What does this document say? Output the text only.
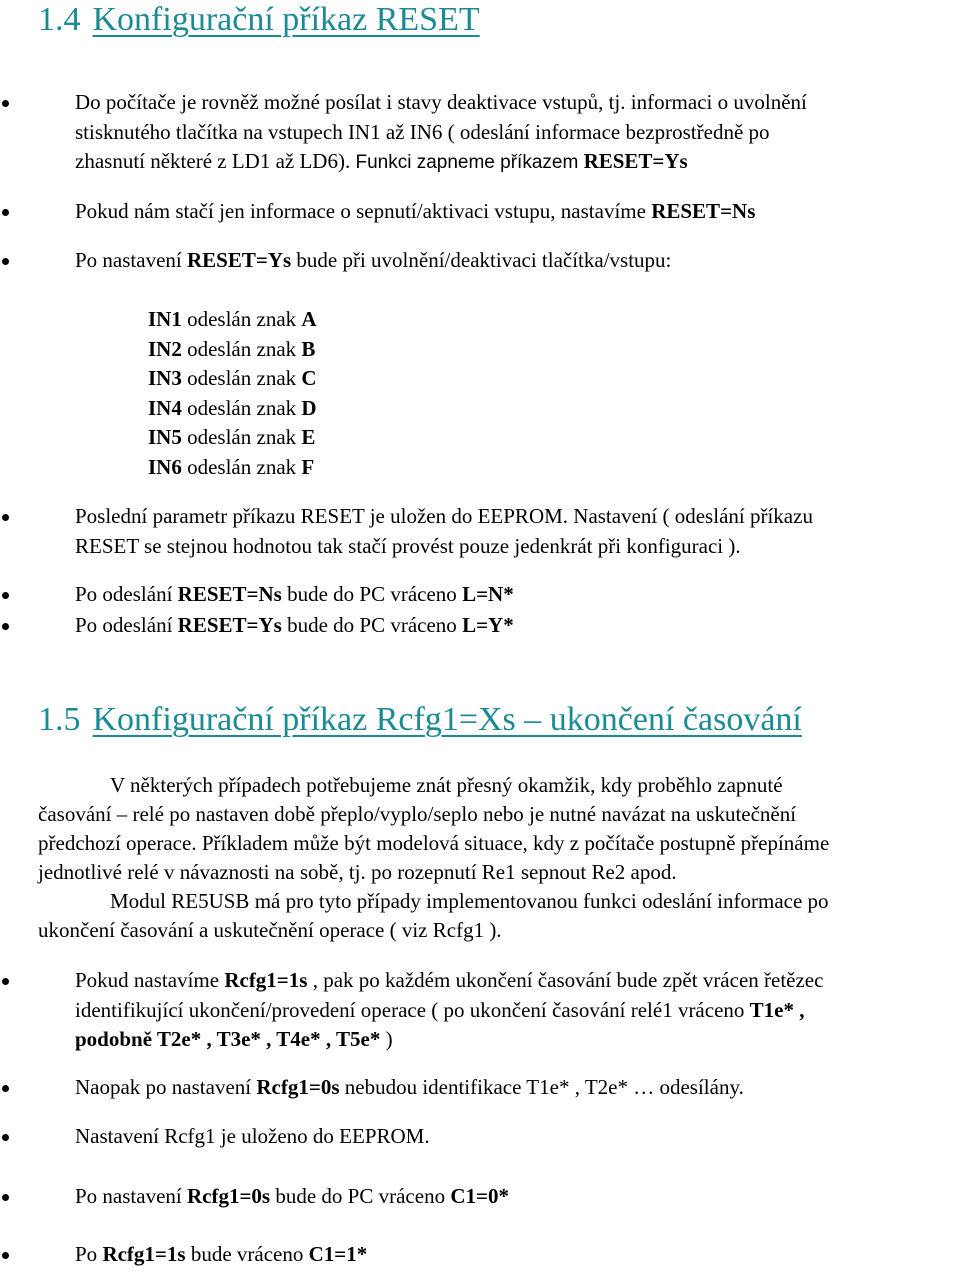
1.4 Konfigurační příkaz RESET
Do počítače je rovněž možné posílat i stavy deaktivace vstupů, tj. informaci o uvolnění
stisknutého tlačítka na vstupech IN1 až IN6 ( odeslání informace bezprostředně po
zhasnutí některé z LD1 až LD6). Funkci zapneme příkazem RESET=Ys
Pokud nám stačí jen informace o sepnutí/aktivaci vstupu, nastavíme RESET=Ns
Po nastavení RESET=Ys bude při uvolnění/deaktivaci tlačítka/vstupu:
IN1 odeslán znak A
IN2 odeslán znak B
IN3 odeslán znak C
IN4 odeslán znak D
IN5 odeslán znak E
IN6 odeslán znak F
Poslední parametr příkazu RESET je uložen do EEPROM. Nastavení ( odeslání příkazu
RESET se stejnou hodnotou tak stačí provést pouze jedenkrát při konfiguraci ).
Po odeslání RESET=Ns bude do PC vráceno L=N*
Po odeslání RESET=Ys bude do PC vráceno L=Y*
1.5 Konfigurační příkaz Rcfg1=Xs – ukončení časování
V některých případech potřebujeme znát přesný okamžik, kdy proběhlo zapnuté
časování – relé po nastaven době přeplo/vyplo/seplo nebo je nutné navázat na uskutečnění
předchozí operace. Příkladem může být modelová situace, kdy z počítače postupně přepínáme
jednotlivé relé v návaznosti na sobě, tj. po rozepnutí Re1 sepnout Re2 apod.
Modul RE5USB má pro tyto případy implementovanou funkci odeslání informace po
ukončení časování a uskutečnění operace ( viz Rcfg1 ).
Pokud nastavíme Rcfg1=1s , pak po každém ukončení časování bude zpět vrácen řetězec
identifikující ukončení/provedení operace ( po ukončení časování relé1 vráceno T1e* ,
podobně T2e* , T3e* , T4e* , T5e* )
Naopak po nastavení Rcfg1=0s nebudou identifikace T1e* , T2e* … odesílány.
Nastavení Rcfg1 je uloženo do EEPROM.
Po nastavení Rcfg1=0s bude do PC vráceno C1=0*
Po Rcfg1=1s bude vráceno C1=1*
